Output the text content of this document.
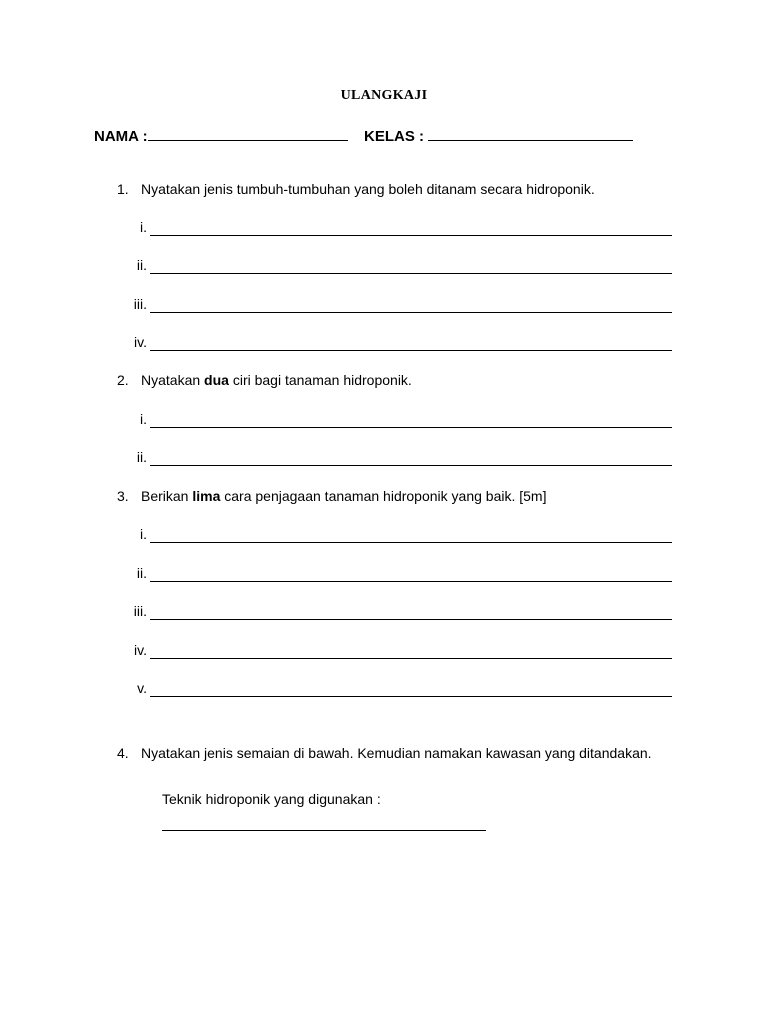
ULANGKAJI
NAMA :	KELAS :
1. Nyatakan jenis tumbuh-tumbuhan yang boleh ditanam secara hidroponik.
i.
ii.
iii.
iv.
2. Nyatakan dua ciri bagi tanaman hidroponik.
i.
ii.
3. Berikan lima cara penjagaan tanaman hidroponik yang baik. [5m]
i.
ii.
iii.
iv.
v.
4. Nyatakan jenis semaian di bawah. Kemudian namakan kawasan yang ditandakan.
Teknik hidroponik yang digunakan :
